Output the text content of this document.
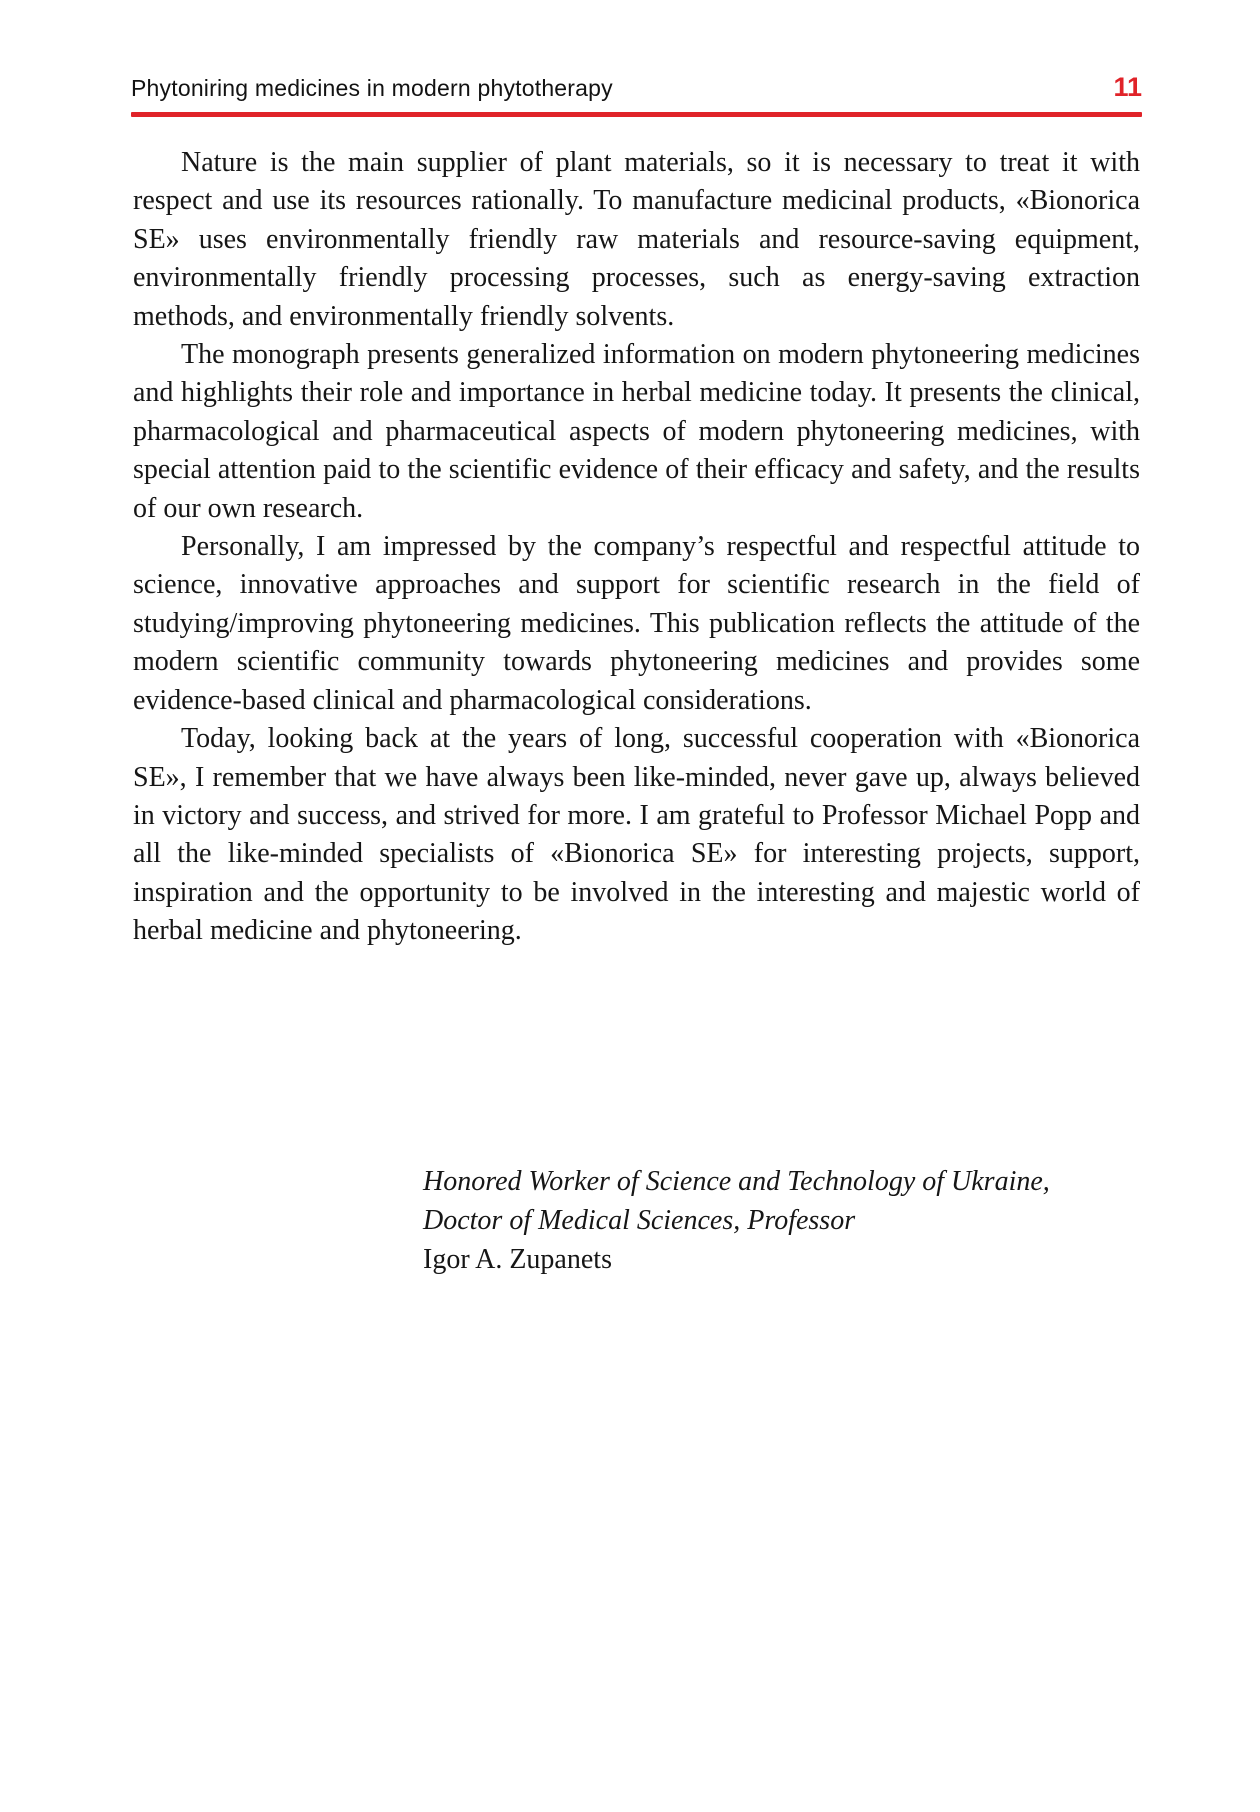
Phytoniring medicines in modern phytotherapy	11

Nature is the main supplier of plant materials, so it is necessary to treat it with respect and use its resources rationally. To manufacture medicinal products, «Bionorica SE» uses environmentally friendly raw materials and resource-saving equipment, environmentally friendly processing processes, such as energy-saving extraction methods, and environmentally friendly solvents.

The monograph presents generalized information on modern phytoneering medicines and highlights their role and importance in herbal medicine today. It presents the clinical, pharmacological and pharmaceutical aspects of modern phytoneering medicines, with special attention paid to the scientific evidence of their efficacy and safety, and the results of our own research.

Personally, I am impressed by the company’s respectful and respectful attitude to science, innovative approaches and support for scientific research in the field of studying/improving phytoneering medicines. This publication reflects the attitude of the modern scientific community towards phytoneering medicines and provides some evidence-based clinical and pharmacological considerations.

Today, looking back at the years of long, successful cooperation with «Bionorica SE», I remember that we have always been like-minded, never gave up, always believed in victory and success, and strived for more. I am grateful to Professor Michael Popp and all the like-minded specialists of «Bionorica SE» for interesting projects, support, inspiration and the opportunity to be involved in the interesting and majestic world of herbal medicine and phytoneering.

Honored Worker of Science and Technology of Ukraine,
Doctor of Medical Sciences, Professor
Igor A. Zupanets
